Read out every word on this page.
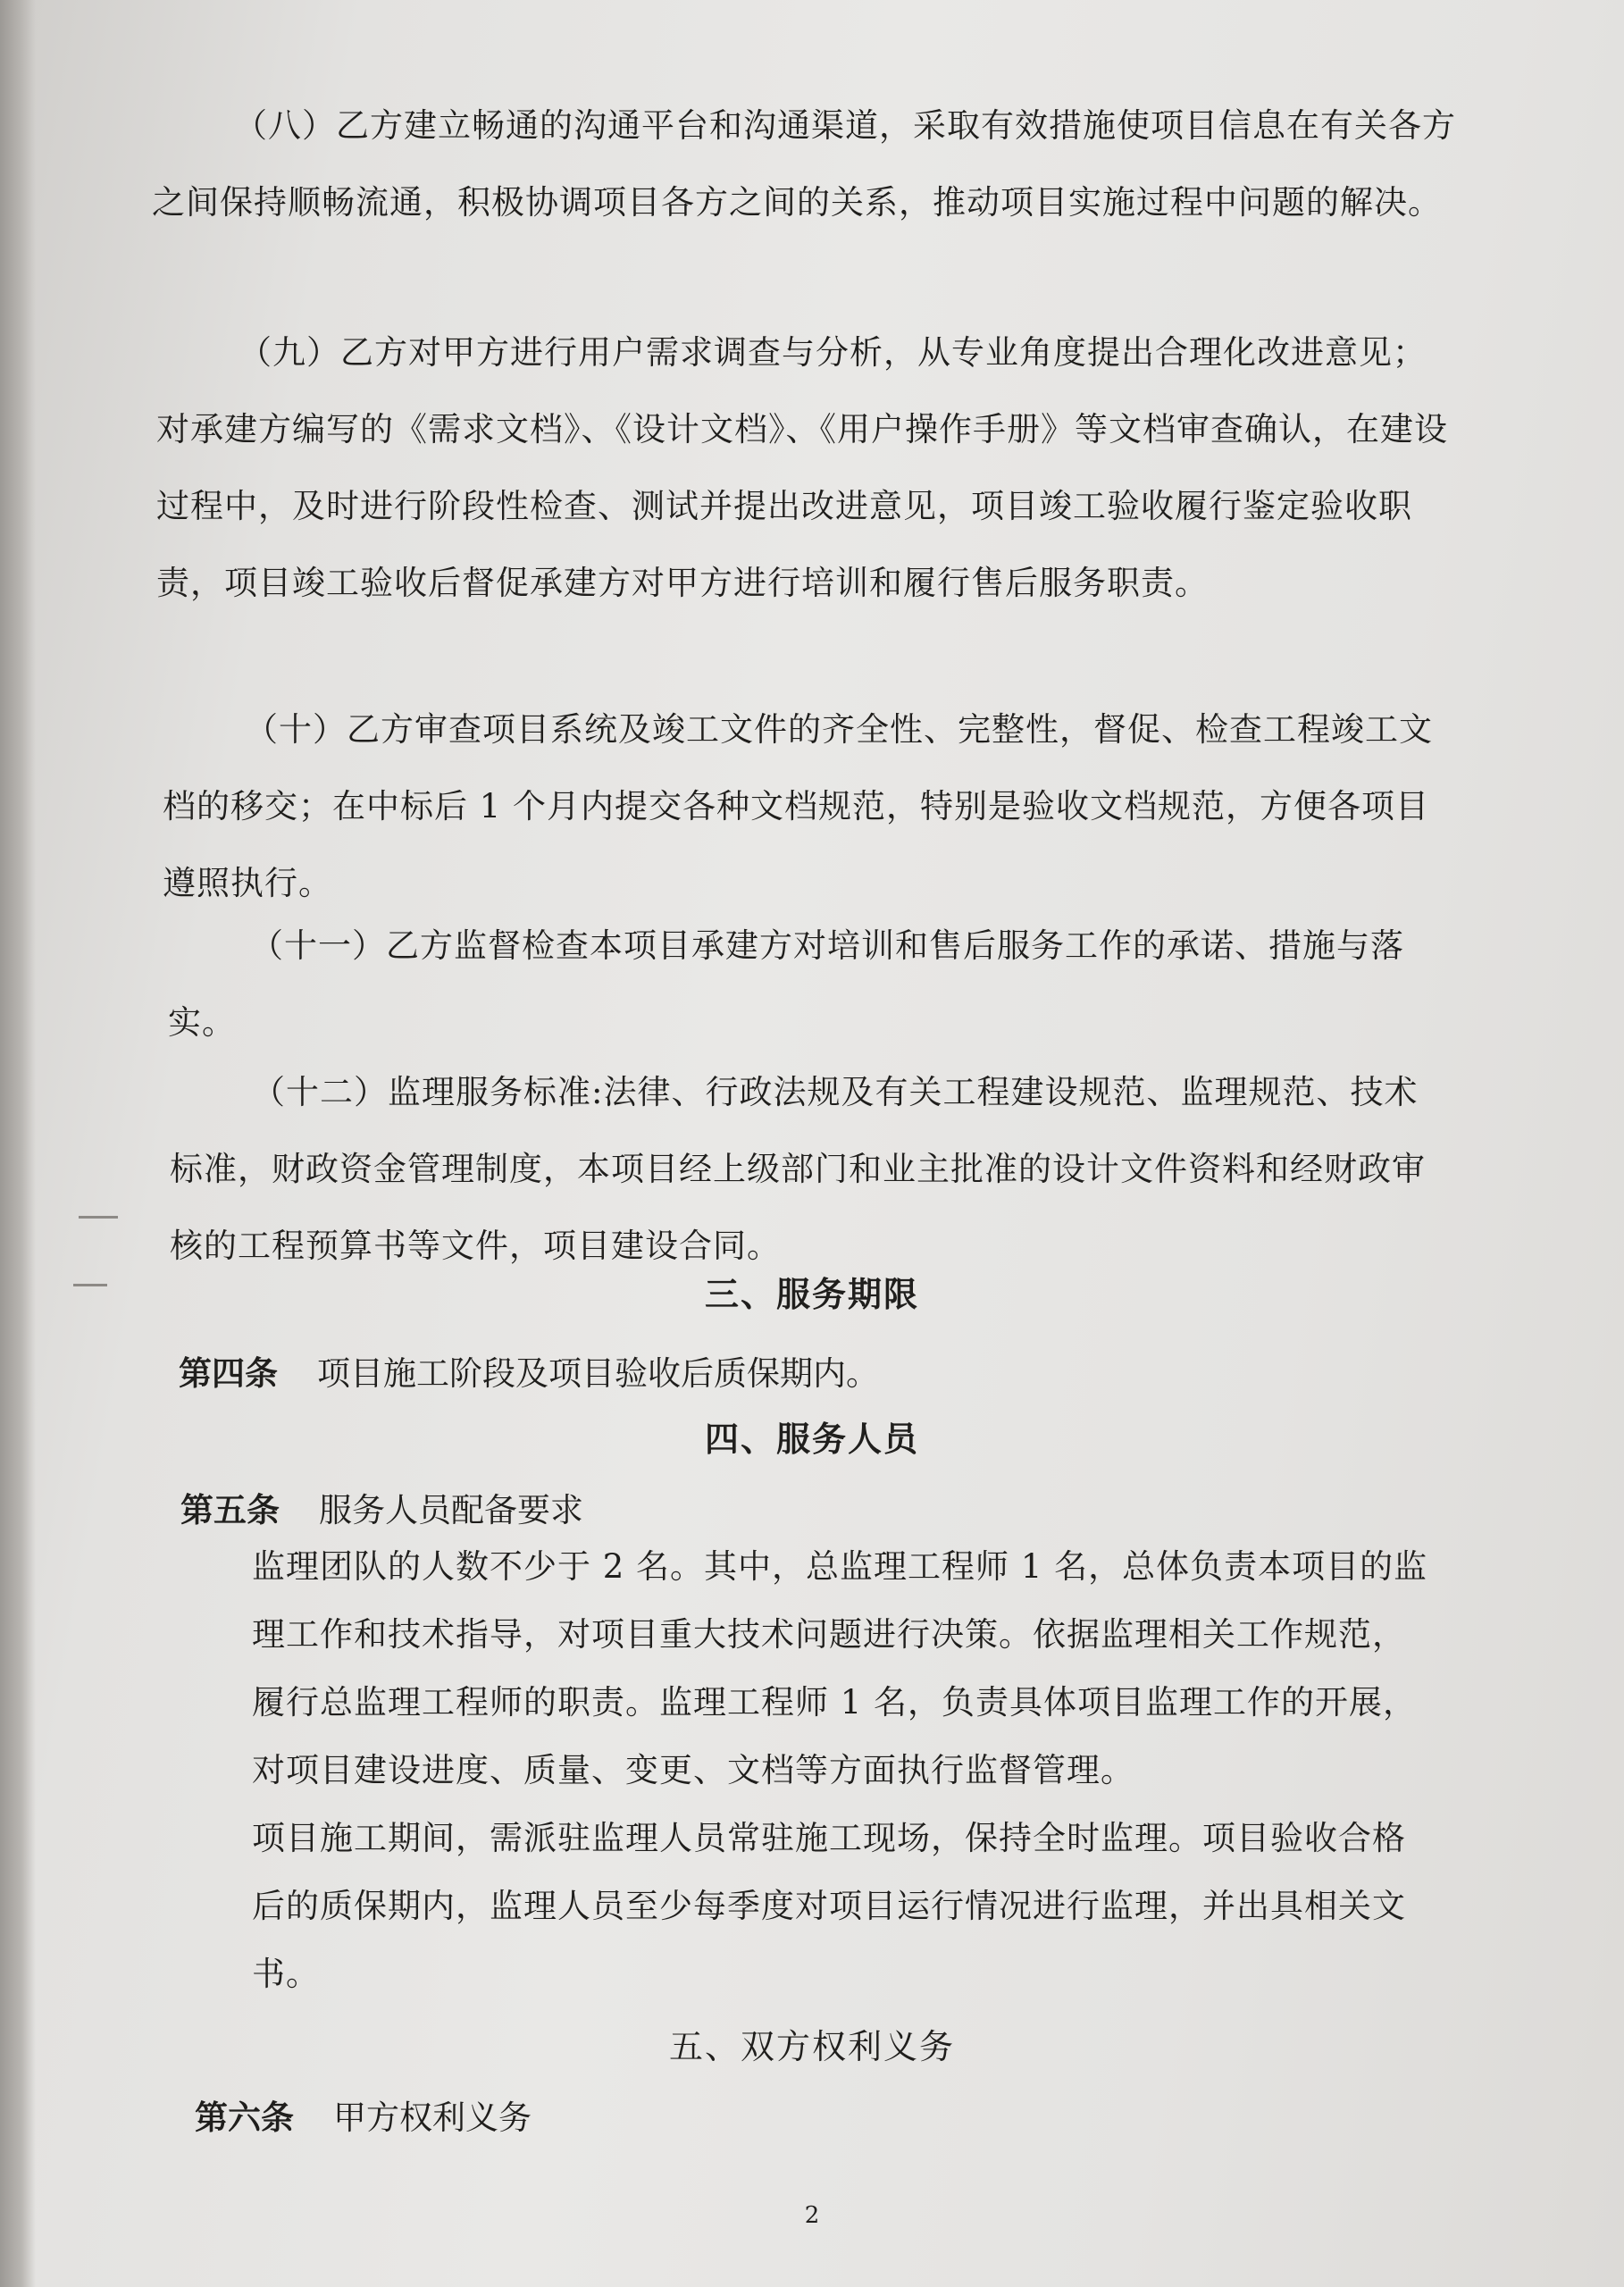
（八）乙方建立畅通的沟通平台和沟通渠道，采取有效措施使项目信息在有关各方之间保持顺畅流通，积极协调项目各方之间的关系，推动项目实施过程中问题的解决。

（九）乙方对甲方进行用户需求调查与分析，从专业角度提出合理化改进意见；对承建方编写的《需求文档》、《设计文档》、《用户操作手册》等文档审查确认，在建设过程中，及时进行阶段性检查、测试并提出改进意见，项目竣工验收履行鉴定验收职责，项目竣工验收后督促承建方对甲方进行培训和履行售后服务职责。

（十）乙方审查项目系统及竣工文件的齐全性、完整性，督促、检查工程竣工文档的移交；在中标后 1 个月内提交各种文档规范，特别是验收文档规范，方便各项目遵照执行。

（十一）乙方监督检查本项目承建方对培训和售后服务工作的承诺、措施与落实。

（十二）监理服务标准:法律、行政法规及有关工程建设规范、监理规范、技术标准，财政资金管理制度，本项目经上级部门和业主批准的设计文件资料和经财政审核的工程预算书等文件，项目建设合同。

三、服务期限

第四条 项目施工阶段及项目验收后质保期内。

四、服务人员

第五条 服务人员配备要求

监理团队的人数不少于 2 名。其中，总监理工程师 1 名，总体负责本项目的监理工作和技术指导，对项目重大技术问题进行决策。依据监理相关工作规范，履行总监理工程师的职责。监理工程师 1 名，负责具体项目监理工作的开展，对项目建设进度、质量、变更、文档等方面执行监督管理。

项目施工期间，需派驻监理人员常驻施工现场，保持全时监理。项目验收合格后的质保期内，监理人员至少每季度对项目运行情况进行监理，并出具相关文书。

五、双方权利义务

第六条 甲方权利义务

2
